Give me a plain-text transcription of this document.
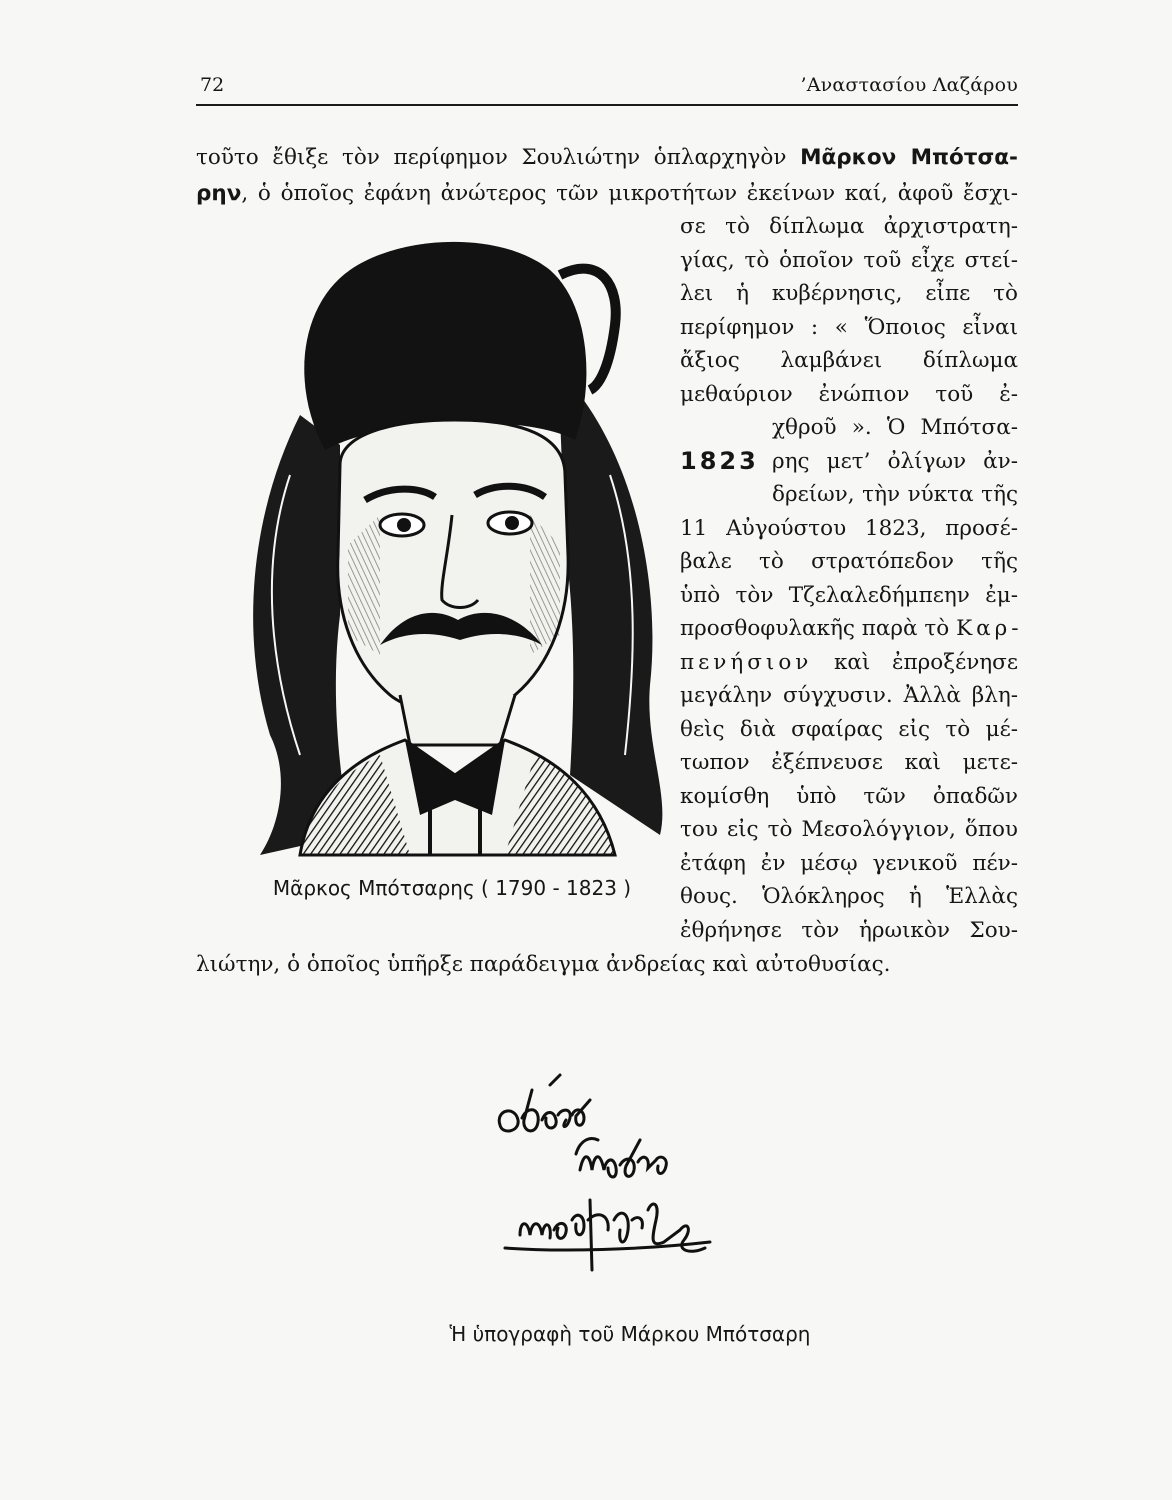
72	’Αναστασίου Λαζάρου
τοῦτο ἔθιξε τὸν περίφημον Σουλιώτην ὁπλαρχηγὸν Μᾶρκον Μπότσα-
ρην, ὁ ὁποῖος ἐφάνη ἀνώτερος τῶν μικροτήτων ἐκείνων καί, ἀφοῦ ἔσχι-
σε τὸ δίπλωμα ἀρχιστρατη-
γίας, τὸ ὁποῖον τοῦ εἶχε στεί-
λει ἡ κυβέρνησις, εἶπε τὸ
περίφημον : « Ὅποιος εἶναι
ἄξιος λαμβάνει δίπλωμα
μεθαύριον ἐνώπιον τοῦ ἐ-
χθροῦ ». Ὁ Μπότσα-
1823 ρης μετ’ ὀλίγων ἀν-
δρείων, τὴν νύκτα τῆς
11 Αὐγούστου 1823, προσέ-
βαλε τὸ στρατόπεδον τῆς
ὑπὸ τὸν Τζελαλεδήμπεην ἐμ-
προσθοφυλακῆς παρὰ τὸ Καρ-
πενήσιον καὶ ἐπροξένησε
μεγάλην σύγχυσιν. Ἀλλὰ βλη-
θεὶς διὰ σφαίρας εἰς τὸ μέ-
τωπον ἐξέπνευσε καὶ μετε-
κομίσθη ὑπὸ τῶν ὀπαδῶν
του εἰς τὸ Μεσολόγγιον, ὅπου
ἐτάφη ἐν μέσῳ γενικοῦ πέν-
θους. Ὁλόκληρος ἡ Ἑλλὰς
ἐθρήνησε τὸν ἡρωικὸν Σου-
λιώτην, ὁ ὁποῖος ὑπῆρξε παράδειγμα ἀνδρείας καὶ αὐτοθυσίας.
Μᾶρκος Μπότσαρης ( 1790 - 1823 )
Ἡ ὑπογραφὴ τοῦ Μάρκου Μπότσαρη
